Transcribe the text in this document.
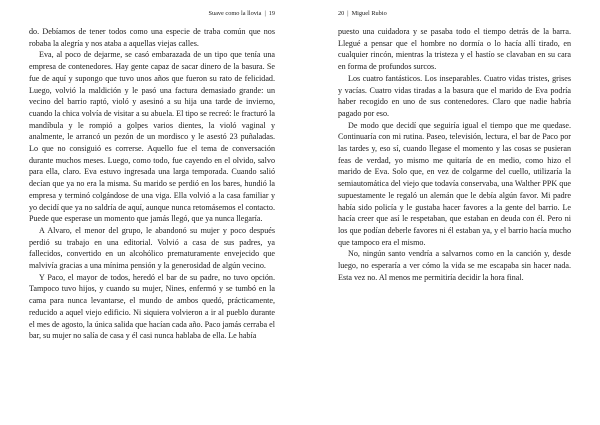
Suave como la llovia | 19

do. Debíamos de tener todos como una especie de traba común que nos robaba la alegría y nos ataba a aquellas viejas calles.

Eva, al poco de dejarme, se casó embarazada de un tipo que tenía una empresa de contenedores. Hay gente capaz de sacar dinero de la basura. Se fue de aquí y supongo que tuvo unos años que fueron su rato de felicidad. Luego, volvió la maldición y le pasó una factura demasiado grande: un vecino del barrio raptó, violó y asesinó a su hija una tarde de invierno, cuando la chica volvía de visitar a su abuela. El tipo se recreó: le fracturó la mandíbula y le rompió a golpes varios dientes, la violó vaginal y analmente, le arrancó un pezón de un mordisco y le asestó 23 puñaladas. Lo que no consiguió es correrse. Aquello fue el tema de conversación durante muchos meses. Luego, como todo, fue cayendo en el olvido, salvo para ella, claro. Eva estuvo ingresada una larga temporada. Cuando salió decían que ya no era la misma. Su marido se perdió en los bares, hundió la empresa y terminó colgándose de una viga. Ella volvió a la casa familiar y yo decidí que ya no saldría de aquí, aunque nunca retomásemos el contacto. Puede que esperase un momento que jamás llegó, que ya nunca llegaría.

A Alvaro, el menor del grupo, le abandonó su mujer y poco después perdió su trabajo en una editorial. Volvió a casa de sus padres, ya fallecidos, convertido en un alcohólico prematuramente envejecido que malvivía gracias a una mínima pensión y la generosidad de algún vecino.

Y Paco, el mayor de todos, heredó el bar de su padre, no tuvo opción. Tampoco tuvo hijos, y cuando su mujer, Nines, enfermó y se tumbó en la cama para nunca levantarse, el mundo de ambos quedó, prácticamente, reducido a aquel viejo edificio. Ni siquiera volvieron a ir al pueblo durante el mes de agosto, la única salida que hacían cada año. Paco jamás cerraba el bar, su mujer no salía de casa y él casi nunca hablaba de ella. Le había

20 | Miguel Rubio

puesto una cuidadora y se pasaba todo el tiempo detrás de la barra. Llegué a pensar que el hombre no dormía o lo hacía allí tirado, en cualquier rincón, mientras la tristeza y el hastío se clavaban en su cara en forma de profundos surcos.

Los cuatro fantásticos. Los inseparables. Cuatro vidas tristes, grises y vacías. Cuatro vidas tiradas a la basura que el marido de Eva podría haber recogido en uno de sus contenedores. Claro que nadie habría pagado por eso.

De modo que decidí que seguiría igual el tiempo que me quedase. Continuaría con mi rutina. Paseo, televisión, lectura, el bar de Paco por las tardes y, eso sí, cuando llegase el momento y las cosas se pusieran feas de verdad, yo mismo me quitaría de en medio, como hizo el marido de Eva. Solo que, en vez de colgarme del cuello, utilizaría la semiautomática del viejo que todavía conservaba, una Walther PPK que supuestamente le regaló un alemán que le debía algún favor. Mi padre había sido policía y le gustaba hacer favores a la gente del barrio. Le hacía creer que así le respetaban, que estaban en deuda con él. Pero ni los que podían deberle favores ni él estaban ya, y el barrio hacía mucho que tampoco era el mismo.

No, ningún santo vendría a salvarnos como en la canción y, desde luego, no esperaría a ver cómo la vida se me escapaba sin hacer nada. Esta vez no. Al menos me permitiría decidir la hora final.
